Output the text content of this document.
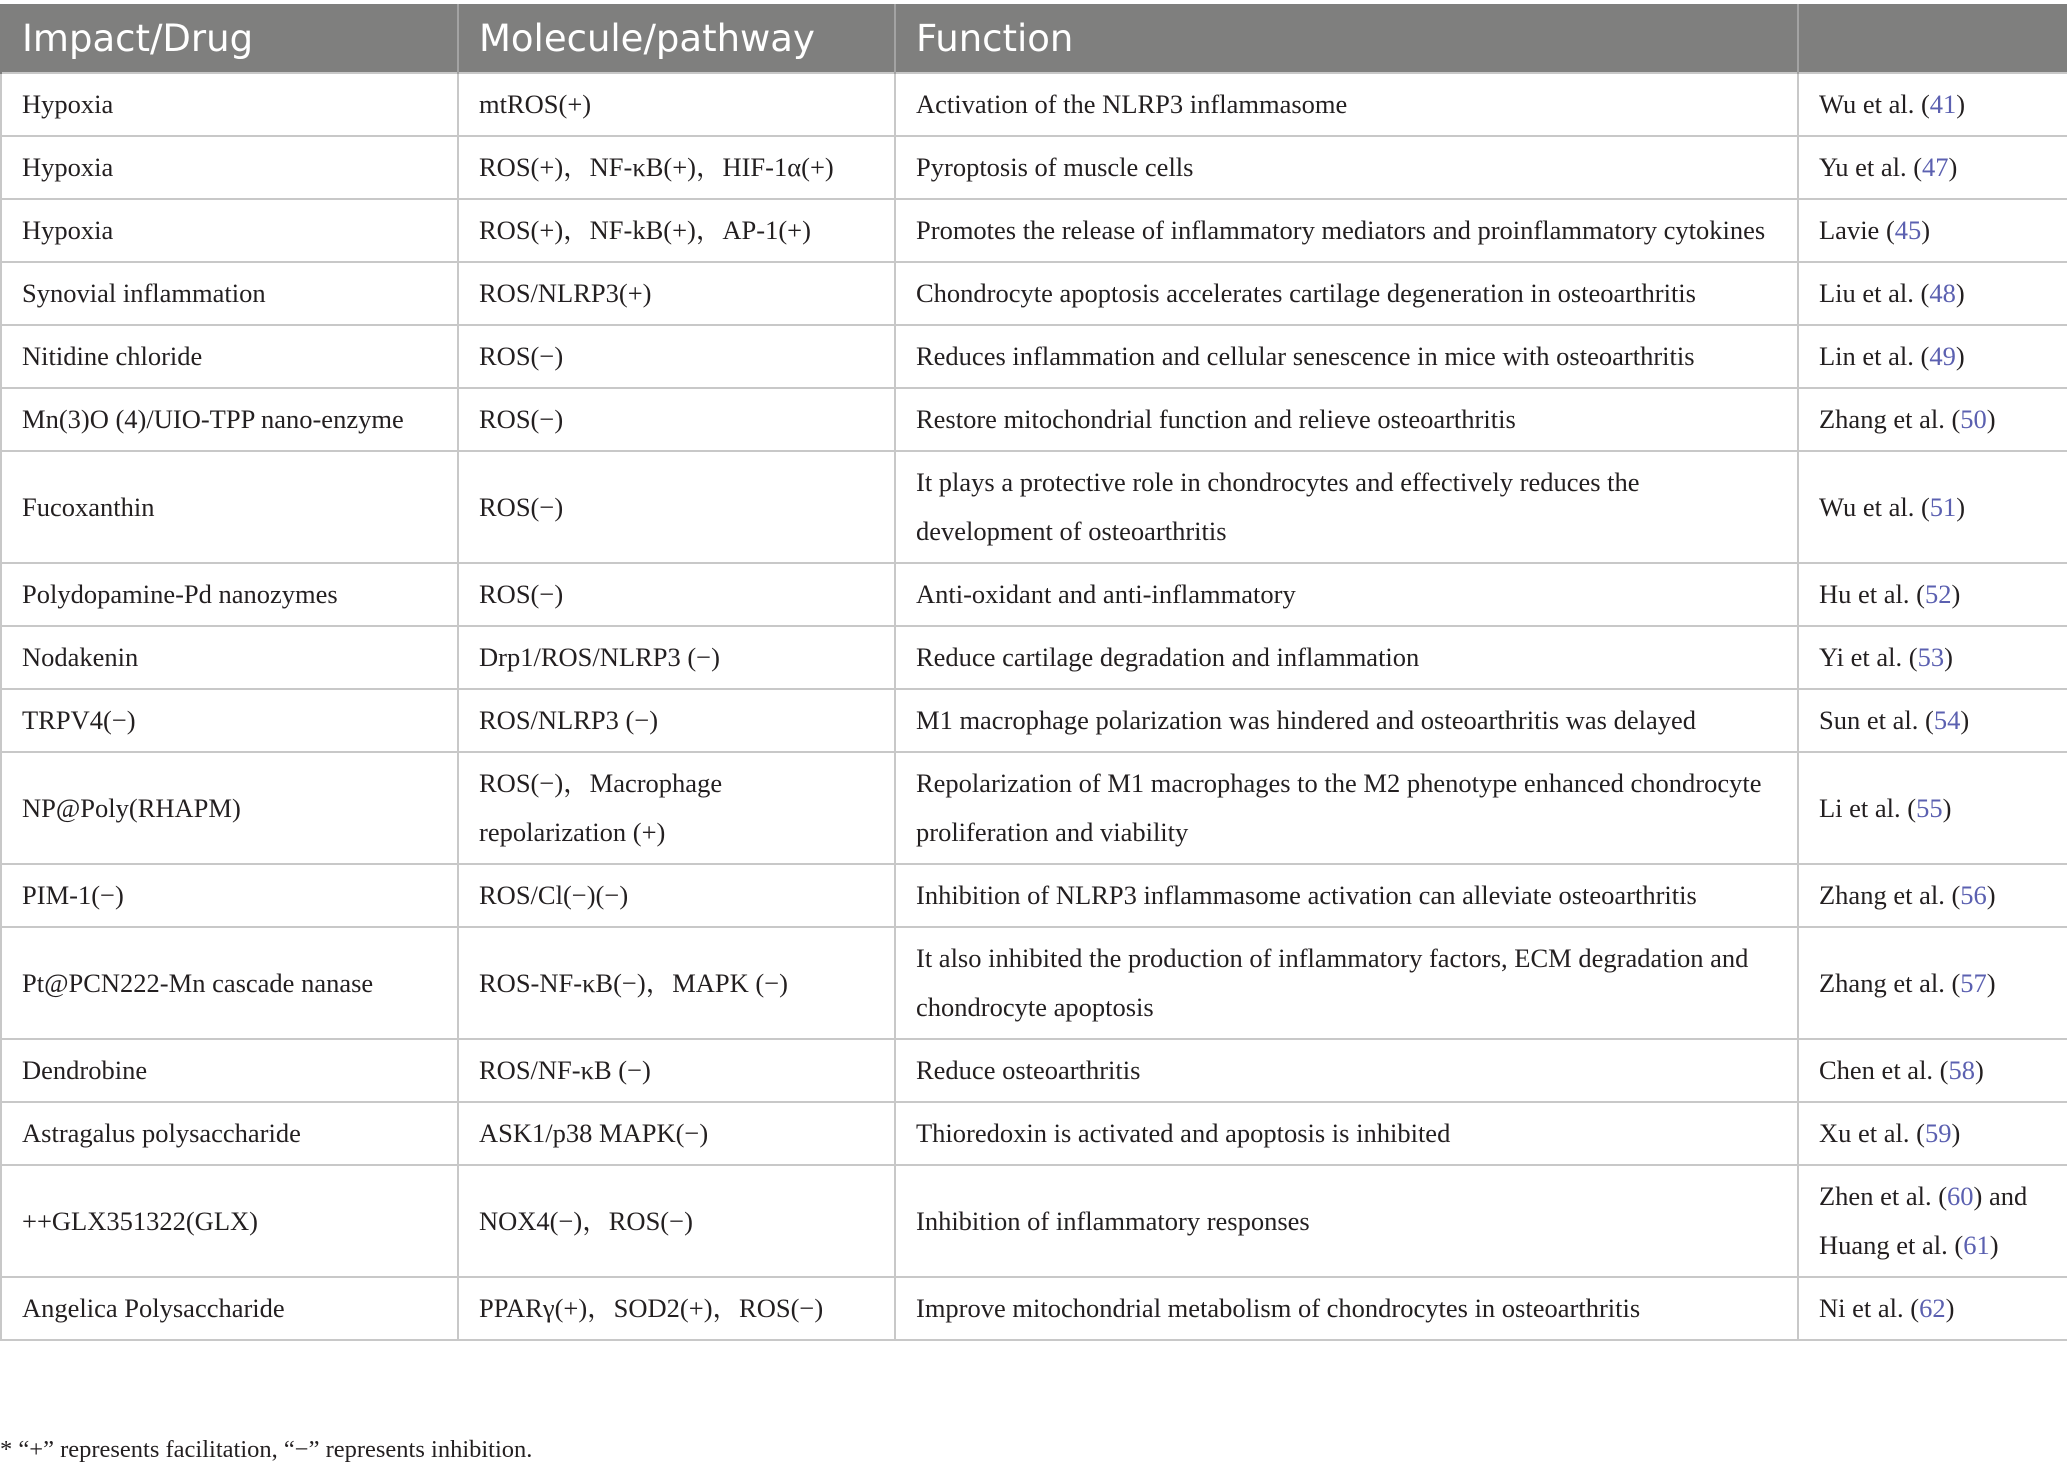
Impact/Drug	Molecule/pathway	Function	
Hypoxia	mtROS(+)	Activation of the NLRP3 inflammasome	Wu et al. (41)
Hypoxia	ROS(+)，NF-κB(+)，HIF-1α(+)	Pyroptosis of muscle cells	Yu et al. (47)
Hypoxia	ROS(+)，NF-kB(+)，AP-1(+)	Promotes the release of inflammatory mediators and proinflammatory cytokines	Lavie (45)
Synovial inflammation	ROS/NLRP3(+)	Chondrocyte apoptosis accelerates cartilage degeneration in osteoarthritis	Liu et al. (48)
Nitidine chloride	ROS(−)	Reduces inflammation and cellular senescence in mice with osteoarthritis	Lin et al. (49)
Mn(3)O (4)/UIO-TPP nano-enzyme	ROS(−)	Restore mitochondrial function and relieve osteoarthritis	Zhang et al. (50)
Fucoxanthin	ROS(−)	It plays a protective role in chondrocytes and effectively reduces the development of osteoarthritis	Wu et al. (51)
Polydopamine-Pd nanozymes	ROS(−)	Anti-oxidant and anti-inflammatory	Hu et al. (52)
Nodakenin	Drp1/ROS/NLRP3 (−)	Reduce cartilage degradation and inflammation	Yi et al. (53)
TRPV4(−)	ROS/NLRP3 (−)	M1 macrophage polarization was hindered and osteoarthritis was delayed	Sun et al. (54)
NP@Poly(RHAPM)	ROS(−)，Macrophage repolarization (+)	Repolarization of M1 macrophages to the M2 phenotype enhanced chondrocyte proliferation and viability	Li et al. (55)
PIM-1(−)	ROS/Cl(−)(−)	Inhibition of NLRP3 inflammasome activation can alleviate osteoarthritis	Zhang et al. (56)
Pt@PCN222-Mn cascade nanase	ROS-NF-κB(−)，MAPK (−)	It also inhibited the production of inflammatory factors, ECM degradation and chondrocyte apoptosis	Zhang et al. (57)
Dendrobine	ROS/NF-κB (−)	Reduce osteoarthritis	Chen et al. (58)
Astragalus polysaccharide	ASK1/p38 MAPK(−)	Thioredoxin is activated and apoptosis is inhibited	Xu et al. (59)
++GLX351322(GLX)	NOX4(−)，ROS(−)	Inhibition of inflammatory responses	Zhen et al. (60) and Huang et al. (61)
Angelica Polysaccharide	PPARγ(+)，SOD2(+)，ROS(−)	Improve mitochondrial metabolism of chondrocytes in osteoarthritis	Ni et al. (62)
* “+” represents facilitation, “−” represents inhibition.
